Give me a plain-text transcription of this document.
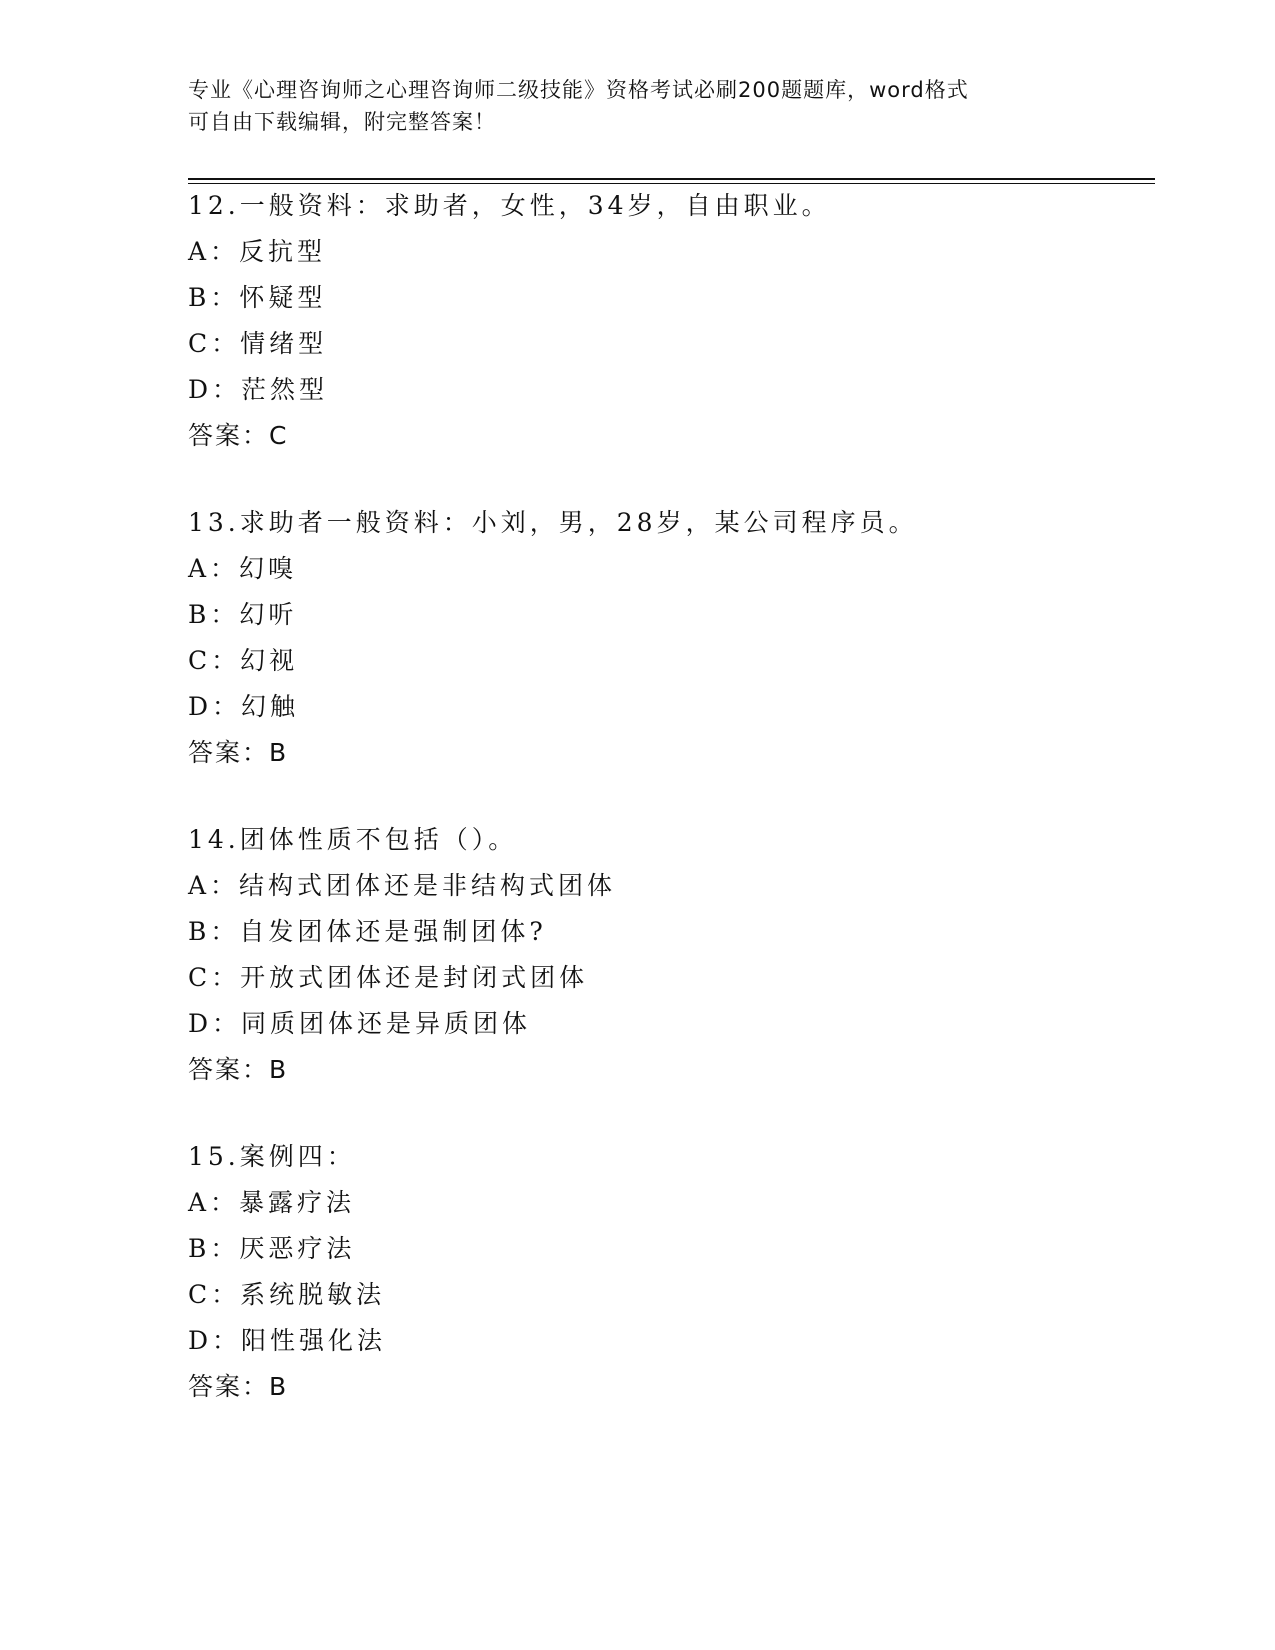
专业《心理咨询师之心理咨询师二级技能》资格考试必刷200题题库，word格式
可自由下载编辑，附完整答案！
12.一般资料：求助者，女性，34岁，自由职业。
A：反抗型
B：怀疑型
C：情绪型
D：茫然型
答案：C
13.求助者一般资料：小刘，男，28岁，某公司程序员。
A：幻嗅
B：幻听
C：幻视
D：幻触
答案：B
14.团体性质不包括（）。
A：结构式团体还是非结构式团体
B：自发团体还是强制团体?
C：开放式团体还是封闭式团体
D：同质团体还是异质团体
答案：B
15.案例四：
A：暴露疗法
B：厌恶疗法
C：系统脱敏法
D：阳性强化法
答案：B
